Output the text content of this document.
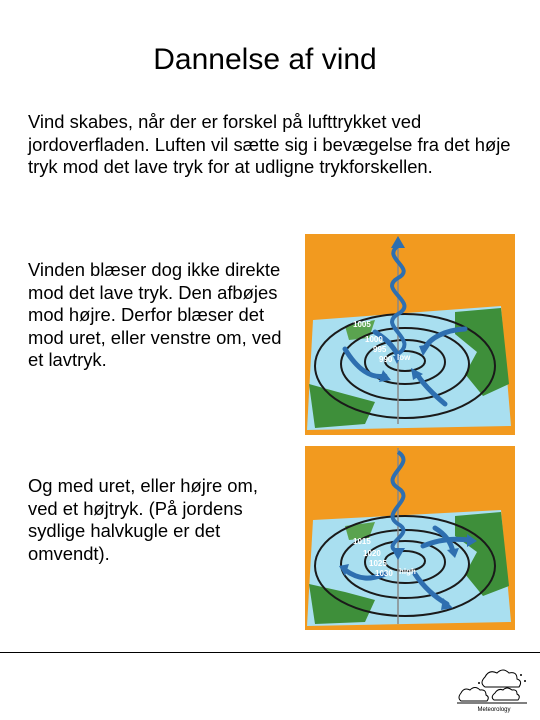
Dannelse af vind
Vind skabes, når der er forskel på lufttrykket ved jordoverfladen. Luften vil sætte sig i bevægelse fra det høje tryk mod det lave tryk for at udligne trykforskellen.
Vinden blæser dog ikke direkte mod det lave tryk. Den afbøjes mod højre. Derfor blæser det mod uret, eller venstre om, ved et lavtryk.
1005
1000
995
990 low
Og med uret, eller højre om, ved et højtryk. (På jordens sydlige halvkugle er det omvendt).
1015
1020
1025
1030 high
Meteorology
